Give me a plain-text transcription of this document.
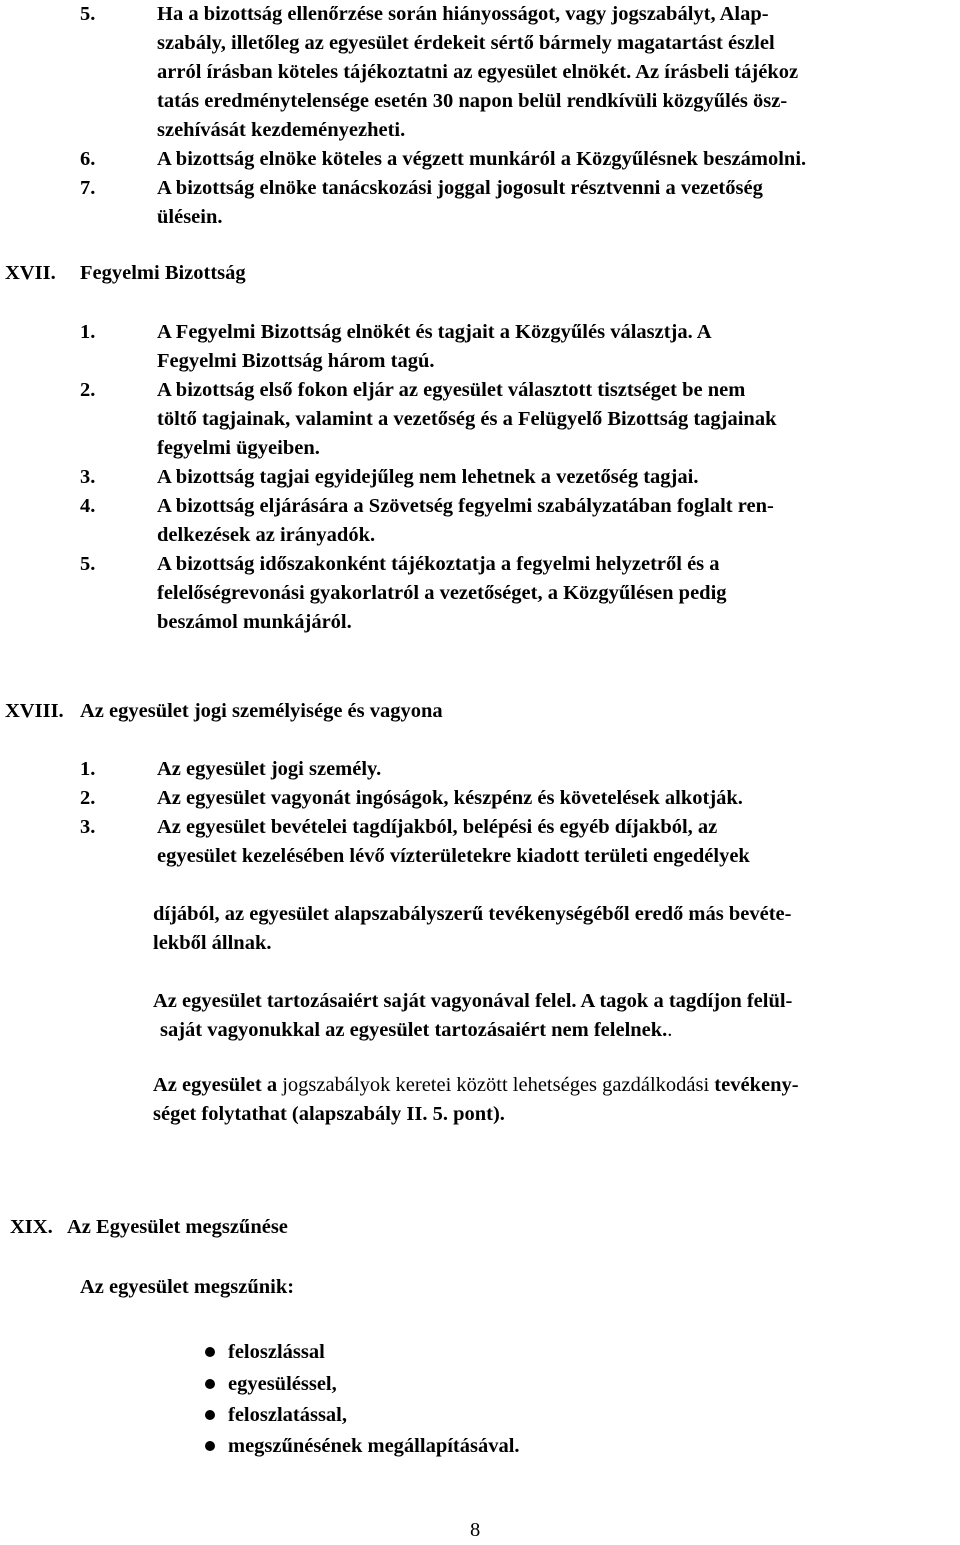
5.	Ha a bizottság ellenőrzése során hiányosságot, vagy jogszabályt, Alap-
szabály, illetőleg az egyesület érdekeit sértő bármely magatartást észlel
arról írásban köteles tájékoztatni az egyesület elnökét. Az írásbeli tájékoz
tatás eredménytelensége esetén 30 napon belül rendkívüli közgyűlés ösz-
szehívását kezdeményezheti.
6.	A bizottság elnöke köteles a végzett munkáról a Közgyűlésnek beszámolni.
7.	A bizottság elnöke tanácskozási joggal jogosult résztvenni a vezetőség
ülésein.
XVII. Fegyelmi Bizottság
1.	A Fegyelmi Bizottság elnökét és tagjait a Közgyűlés választja. A
Fegyelmi Bizottság három tagú.
2.	A bizottság első fokon eljár az egyesület választott tisztséget be nem
töltő tagjainak, valamint a vezetőség és a Felügyelő Bizottság tagjainak
fegyelmi ügyeiben.
3.	A bizottság tagjai egyidejűleg nem lehetnek a vezetőség tagjai.
4.	A bizottság eljárására a Szövetség fegyelmi szabályzatában foglalt ren-
delkezések az irányadók.
5.	A bizottság időszakonként tájékoztatja a fegyelmi helyzetről és a
felelőségrevonási gyakorlatról a vezetőséget, a Közgyűlésen pedig
beszámol munkájáról.
XVIII. Az egyesület jogi személyisége és vagyona
1.	Az egyesület jogi személy.
2.	Az egyesület vagyonát ingóságok, készpénz és követelések alkotják.
3.	Az egyesület bevételei tagdíjakból, belépési és egyéb díjakból, az
egyesület kezelésében lévő vízterületekre kiadott területi engedélyek
díjából, az egyesület alapszabályszerű tevékenységéből eredő más bevéte-
lekből állnak.
Az egyesület tartozásaiért saját vagyonával felel. A tagok a tagdíjon felül-
saját vagyonukkal az egyesület tartozásaiért nem felelnek..
Az egyesület a jogszabályok keretei között lehetséges gazdálkodási tevékeny-
séget folytathat (alapszabály II. 5. pont).
XIX. Az Egyesület megszűnése
Az egyesület megszűnik:
feloszlással
egyesüléssel,
feloszlatással,
megszűnésének megállapításával.
8
